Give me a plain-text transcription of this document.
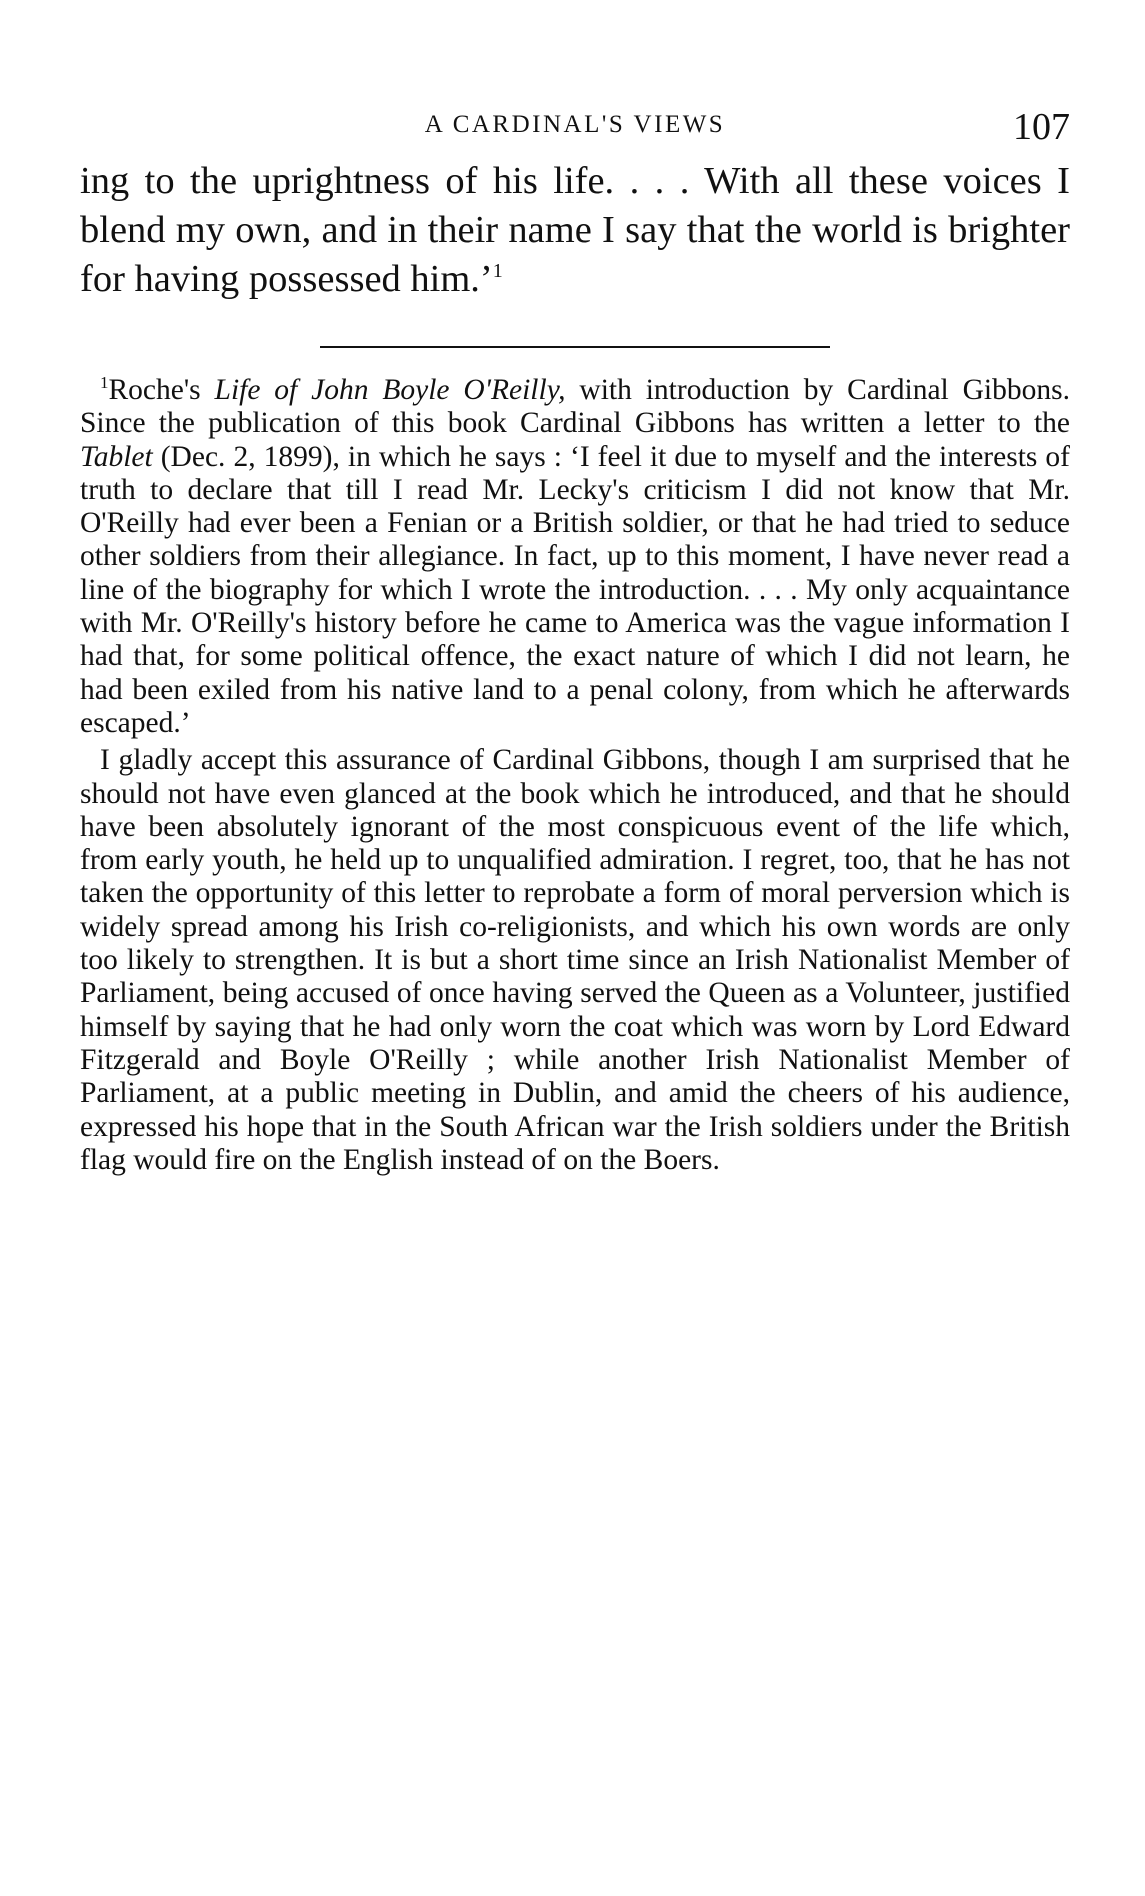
A CARDINAL'S VIEWS	107

ing to the uprightness of his life. . . . With all these voices I blend my own, and in their name I say that the world is brighter for having possessed him.’$^1$

$^1$Roche's Life of John Boyle O'Reilly, with introduction by Cardinal Gibbons. Since the publication of this book Cardinal Gibbons has written a letter to the Tablet (Dec. 2, 1899), in which he says : ‘I feel it due to myself and the interests of truth to declare that till I read Mr. Lecky's criticism I did not know that Mr. O'Reilly had ever been a Fenian or a British soldier, or that he had tried to seduce other soldiers from their allegiance. In fact, up to this moment, I have never read a line of the biography for which I wrote the introduction. . . . My only acquaintance with Mr. O'Reilly's history before he came to America was the vague information I had that, for some political offence, the exact nature of which I did not learn, he had been exiled from his native land to a penal colony, from which he afterwards escaped.’

I gladly accept this assurance of Cardinal Gibbons, though I am surprised that he should not have even glanced at the book which he introduced, and that he should have been absolutely ignorant of the most conspicuous event of the life which, from early youth, he held up to unqualified admiration. I regret, too, that he has not taken the opportunity of this letter to reprobate a form of moral perversion which is widely spread among his Irish co-religionists, and which his own words are only too likely to strengthen. It is but a short time since an Irish Nationalist Member of Parliament, being accused of once having served the Queen as a Volunteer, justified himself by saying that he had only worn the coat which was worn by Lord Edward Fitzgerald and Boyle O'Reilly ; while another Irish Nationalist Member of Parliament, at a public meeting in Dublin, and amid the cheers of his audience, expressed his hope that in the South African war the Irish soldiers under the British flag would fire on the English instead of on the Boers.
